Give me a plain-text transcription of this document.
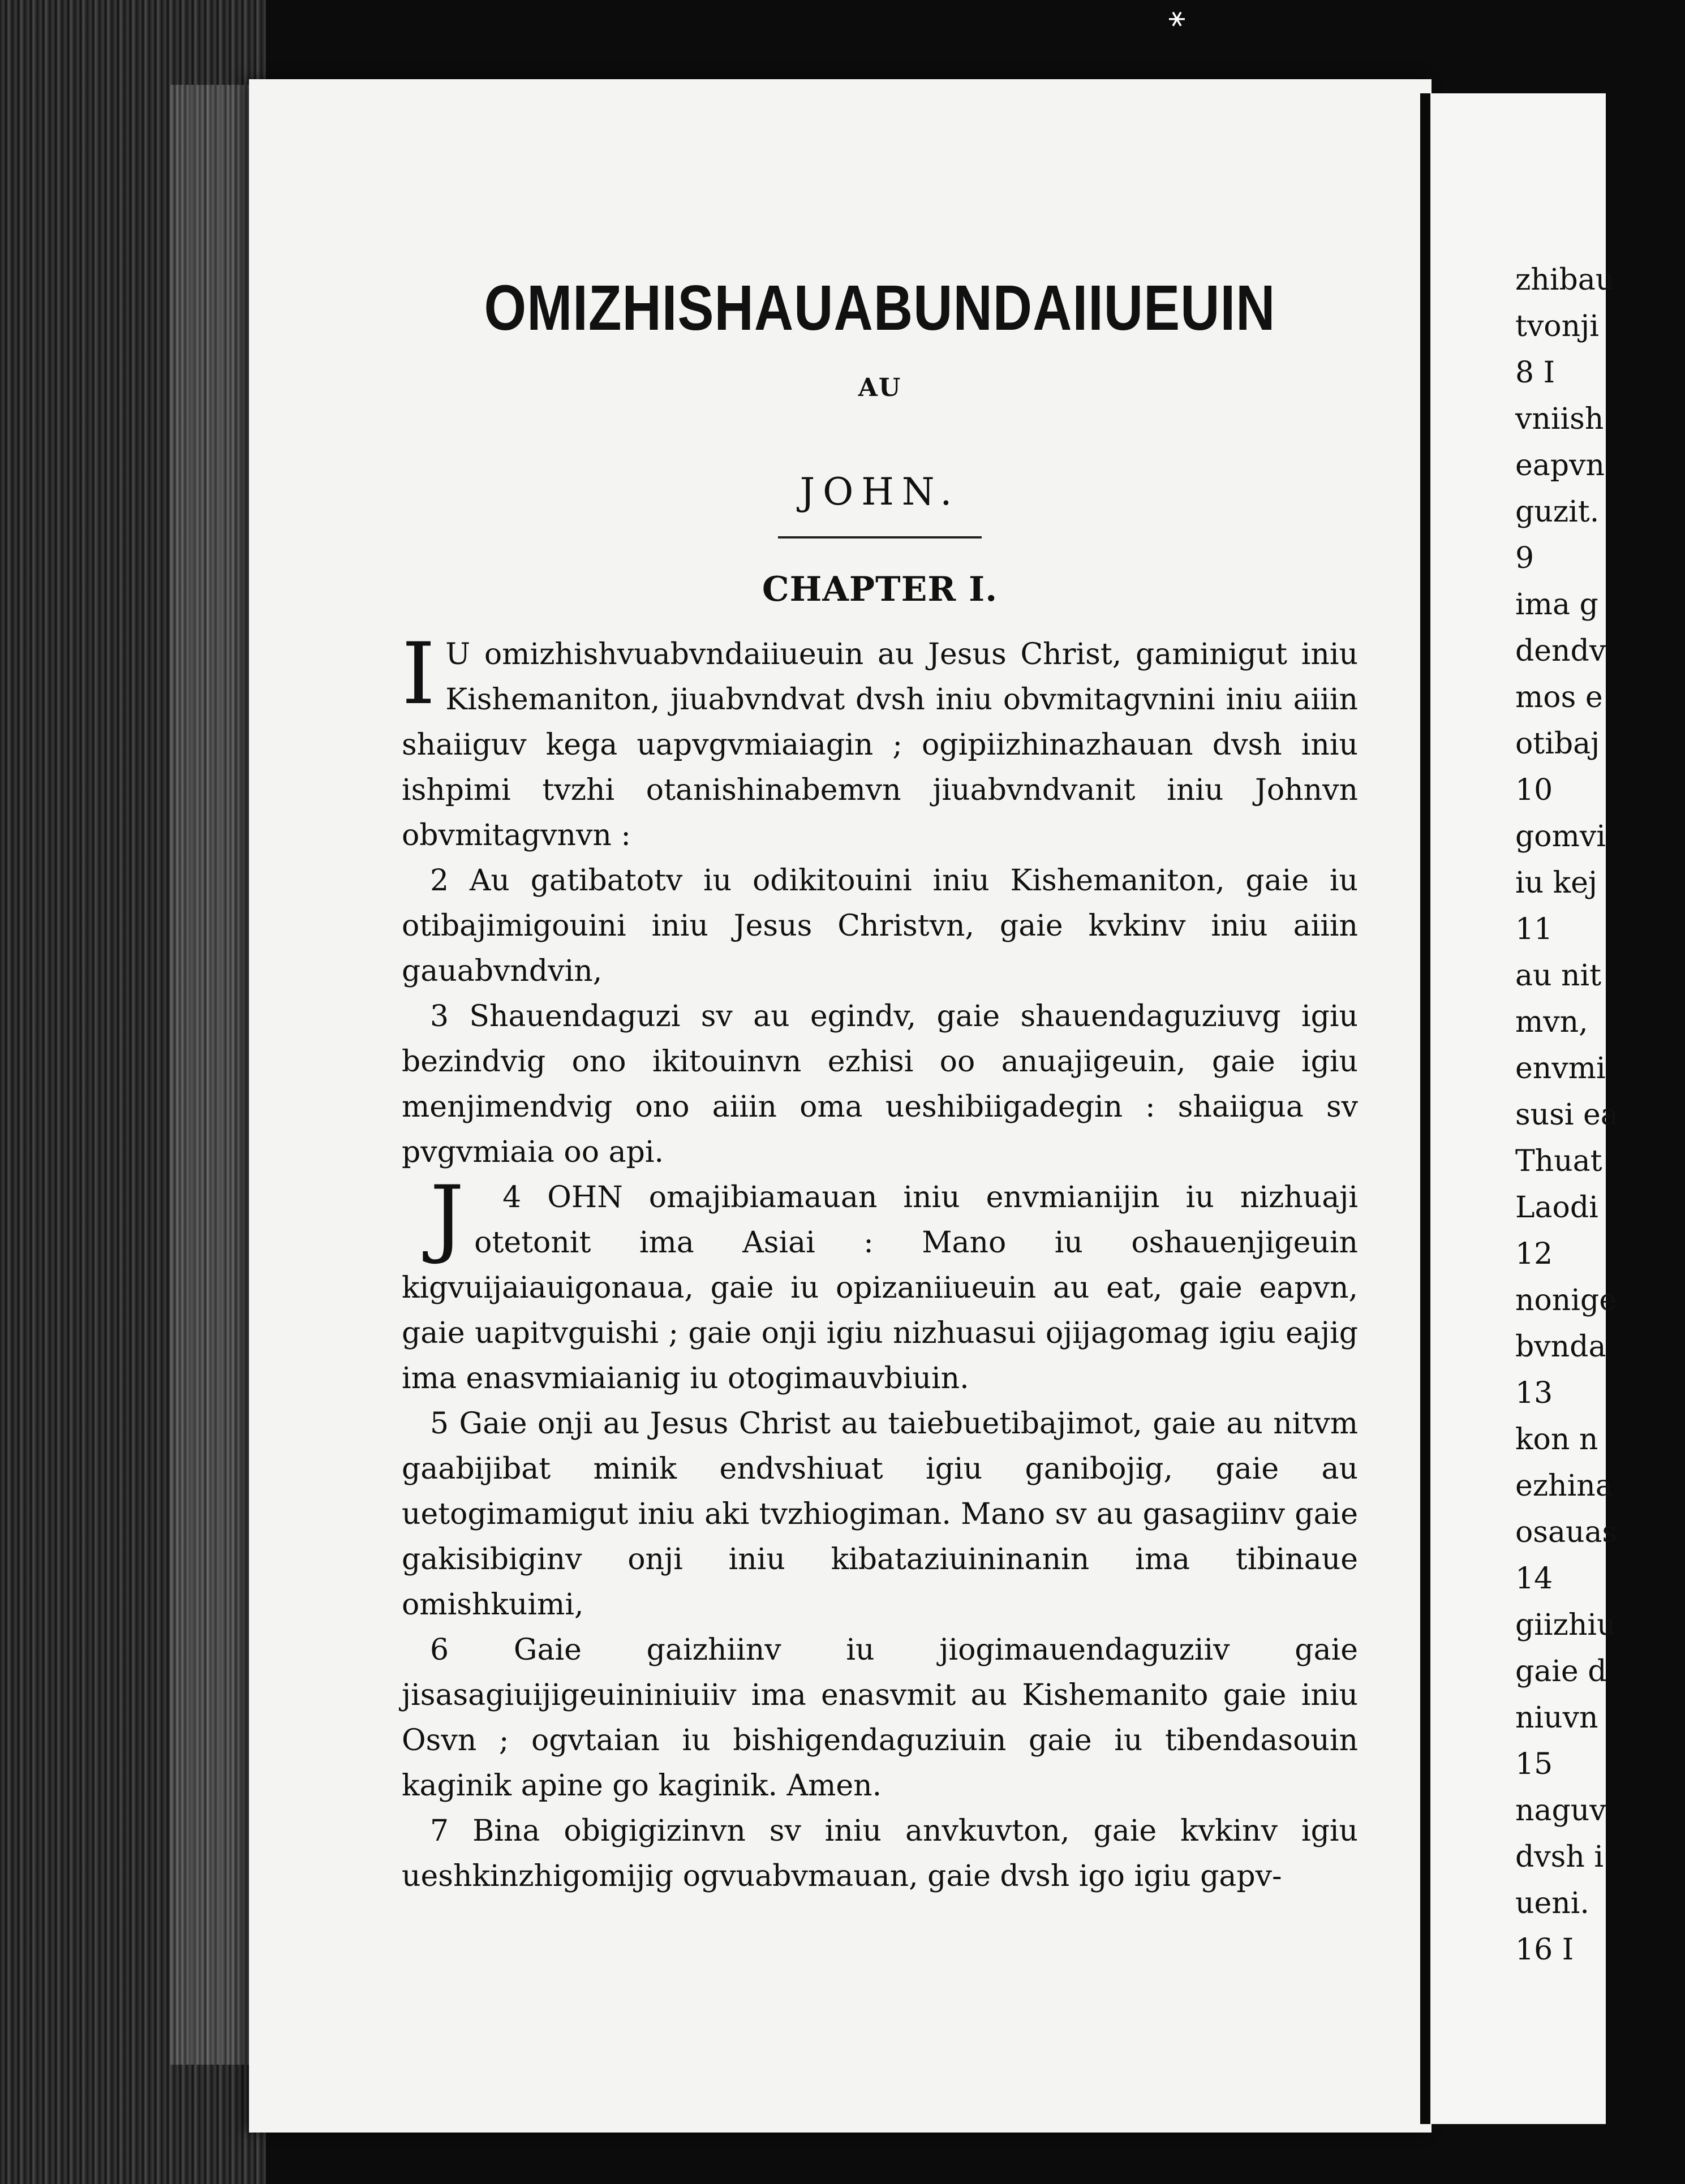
⚹
OMIZHISHAUABUNDAIIUEUIN
AU
JOHN.
CHAPTER I.

I U omizhishvuabvndaiiueuin au Jesus Christ, gaminigut iniu Kishemaniton, jiuabvndvat dvsh iniu obvmitagvnini iniu aiiin shaiiguv kega uapvgvmiaiagin ; ogipiizhinazhauan dvsh iniu ishpimi tvzhi otanishinabemvn jiuabvndvanit iniu Johnvn obvmitagvnvn :

2 Au gatibatotv iu odikitouini iniu Kishemaniton, gaie iu otibajimigouini iniu Jesus Christvn, gaie kvkinv iniu aiiin gauabvndvin,

3 Shauendaguzi sv au egindv, gaie shauendaguziuvg igiu bezindvig ono ikitouinvn ezhisi oo anuajigeuin, gaie igiu menjimendvig ono aiiin oma ueshibiigadegin : shaiigua sv pvgvmiaia oo api.

4
J	OHN omajibiamauan iniu envmianijin iu nizhuaji otetonit ima Asiai : Mano iu oshauenjigeuin kigvuijaiauigonaua, gaie iu opizaniiueuin au eat, gaie eapvn, gaie uapitvguishi ; gaie onji igiu nizhuasui ojijagomag igiu eajig ima enasvmiaianig iu otogimauvbiuin.

5 Gaie onji au Jesus Christ au taiebuetibajimot, gaie au nitvm gaabijibat minik endvshiuat igiu ganibojig, gaie au uetogimamigut iniu aki tvzhiogiman. Mano sv au gasagiinv gaie gakisibiginv onji iniu kibataziuininanin ima tibinaue omishkuimi,

6 Gaie gaizhiinv iu jiogimauendaguziiv gaie jisasagiuijigeuininiuiiv ima enasvmit au Kishemanito gaie iniu Osvn ; ogvtaian iu bishigendaguziuin gaie iu tibendasouin kaginik apine go kaginik. Amen.

7 Bina obigigizinvn sv iniu anvkuvton, gaie kvkinv igiu ueshkinzhigomijig ogvuabvmauan, gaie dvsh igo igiu gapv-

zhibau
tvonji
8 I
vniish
eapvn
guzit.
9
ima g
dendv
mos e
otibaj
10
gomvi
iu kej
11
au nit
mvn,
envmi
susi ea
Thuat
Laodi
12
nonige
bvnda
13
kon n
ezhina
osauas
14
giizhiu
gaie d
niuvn
15
naguv
dvsh i
ueni.
16 I
